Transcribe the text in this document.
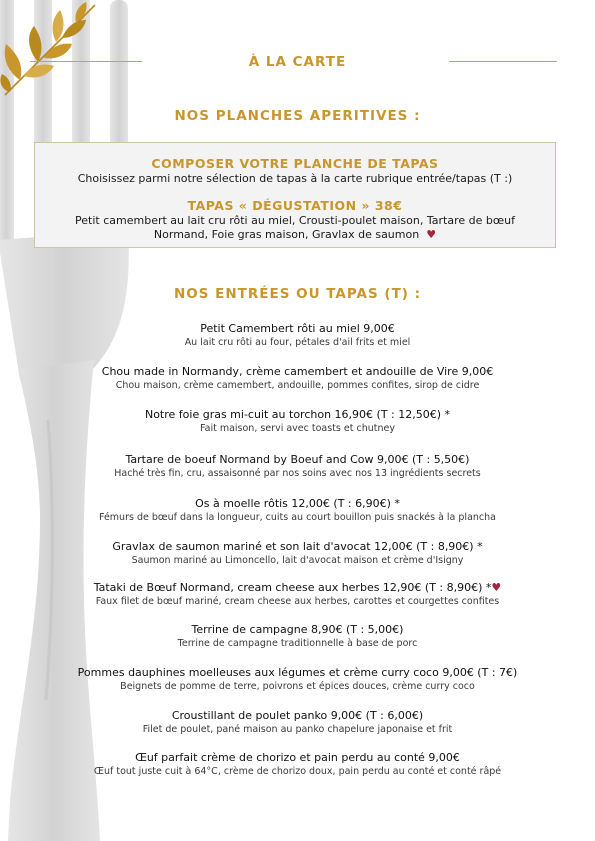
À LA CARTE
NOS PLANCHES APERITIVES :
COMPOSER VOTRE PLANCHE DE TAPAS
Choisissez parmi notre sélection de tapas à la carte rubrique entrée/tapas (T :)
TAPAS « DÉGUSTATION » 38€
Petit camembert au lait cru rôti au miel, Crousti-poulet maison, Tartare de bœuf
Normand, Foie gras maison, Gravlax de saumon ♥
NOS ENTRÉES OU TAPAS (T) :
Petit Camembert rôti au miel 9,00€
Au lait cru rôti au four, pétales d'ail frits et miel
Chou made in Normandy, crème camembert et andouille de Vire 9,00€
Chou maison, crème camembert, andouille, pommes confites, sirop de cidre
Notre foie gras mi-cuit au torchon 16,90€ (T : 12,50€) *
Fait maison, servi avec toasts et chutney
Tartare de boeuf Normand by Boeuf and Cow 9,00€ (T : 5,50€)
Haché très fin, cru, assaisonné par nos soins avec nos 13 ingrédients secrets
Os à moelle rôtis 12,00€ (T : 6,90€) *
Fémurs de bœuf dans la longueur, cuits au court bouillon puis snackés à la plancha
Gravlax de saumon mariné et son lait d'avocat 12,00€ (T : 8,90€) *
Saumon mariné au Limoncello, lait d'avocat maison et crème d'Isigny
Tataki de Bœuf Normand, cream cheese aux herbes 12,90€ (T : 8,90€) *♥
Faux filet de bœuf mariné, cream cheese aux herbes, carottes et courgettes confites
Terrine de campagne 8,90€ (T : 5,00€)
Terrine de campagne traditionnelle à base de porc
Pommes dauphines moelleuses aux légumes et crème curry coco 9,00€ (T : 7€)
Beignets de pomme de terre, poivrons et épices douces, crème curry coco
Croustillant de poulet panko 9,00€ (T : 6,00€)
Filet de poulet, pané maison au panko chapelure japonaise et frit
Œuf parfait crème de chorizo et pain perdu au conté 9,00€
Œuf tout juste cuit à 64°C, crème de chorizo doux, pain perdu au conté et conté râpé
